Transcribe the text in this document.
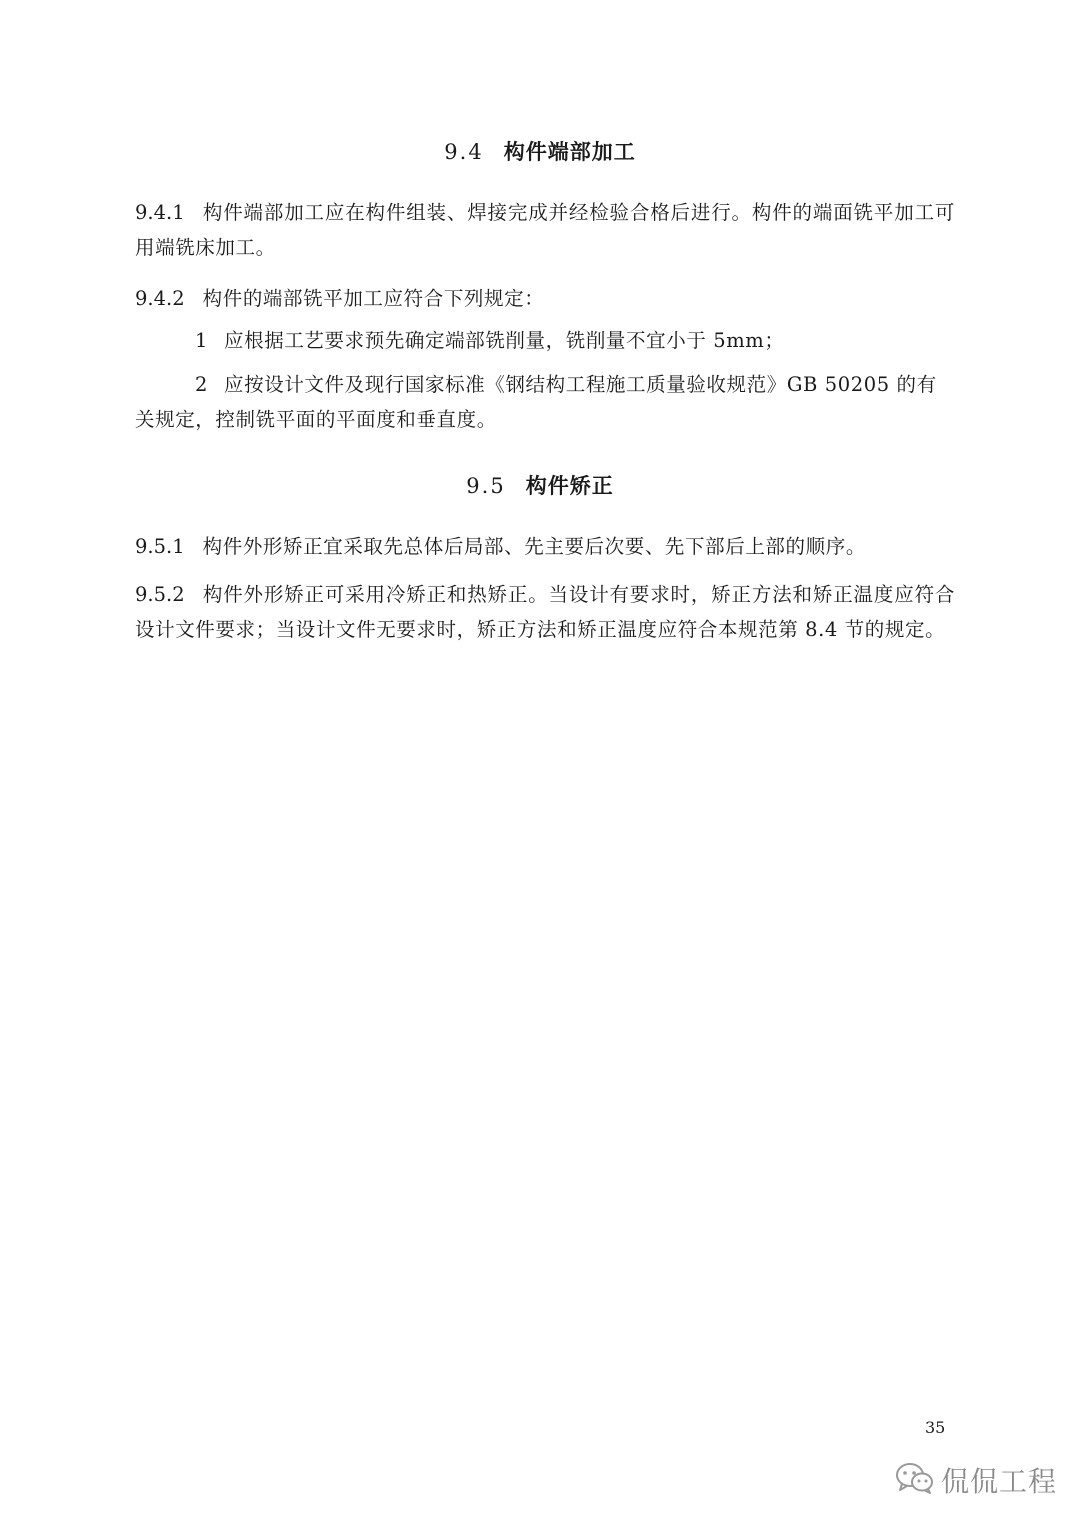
9.4 构件端部加工
9.4.1 构件端部加工应在构件组装、焊接完成并经检验合格后进行。构件的端面铣平加工可用端铣床加工。
9.4.2 构件的端部铣平加工应符合下列规定：
1 应根据工艺要求预先确定端部铣削量，铣削量不宜小于 5mm；
2 应按设计文件及现行国家标准《钢结构工程施工质量验收规范》GB 50205 的有关规定，控制铣平面的平面度和垂直度。
9.5 构件矫正
9.5.1 构件外形矫正宜采取先总体后局部、先主要后次要、先下部后上部的顺序。
9.5.2 构件外形矫正可采用冷矫正和热矫正。当设计有要求时，矫正方法和矫正温度应符合设计文件要求；当设计文件无要求时，矫正方法和矫正温度应符合本规范第 8.4 节的规定。
35
侃侃工程
